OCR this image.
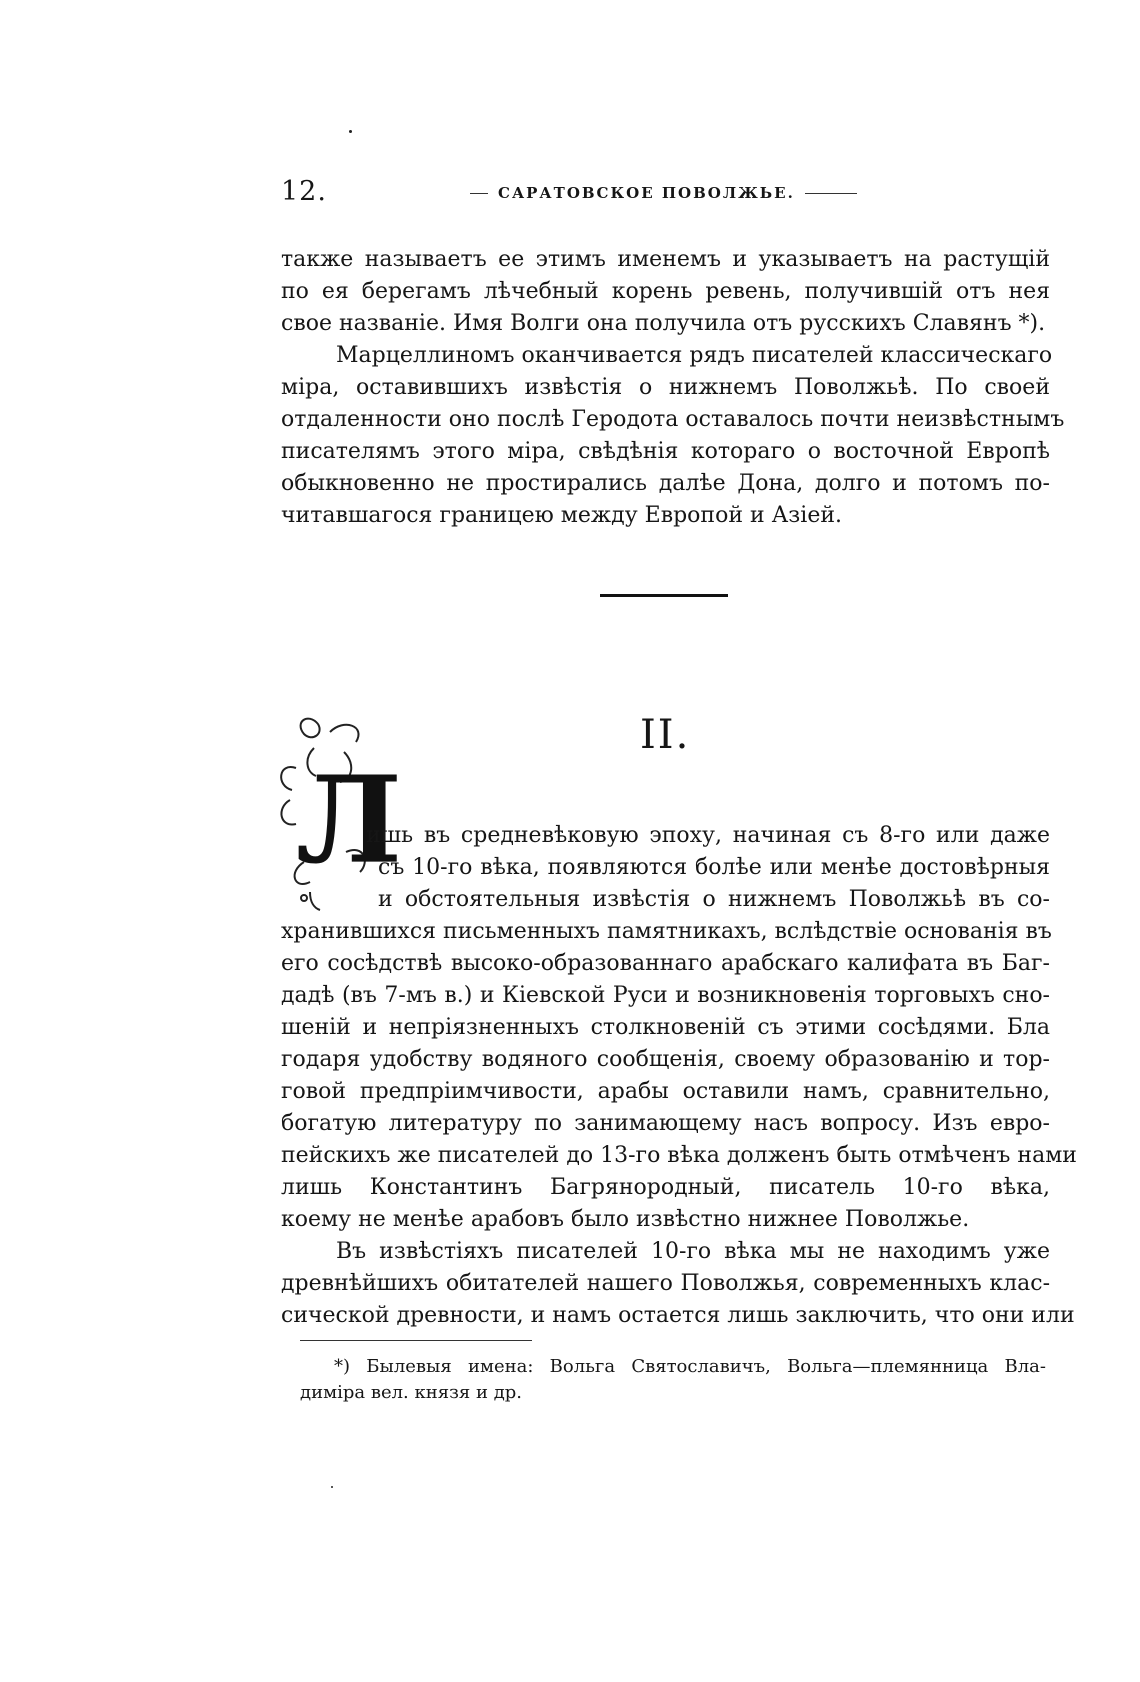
12.	САРАТОВСКОЕ ПОВОЛЖЬЕ.
также называетъ ее этимъ именемъ и указываетъ на растущій
по ея берегамъ лѣчебный корень ревень, получившій отъ нея
свое названіе. Имя Волги она получила отъ русскихъ Славянъ *).
Марцеллиномъ оканчивается рядъ писателей классическаго
міра, оставившихъ извѣстія о нижнемъ Поволжьѣ. По своей
отдаленности оно послѣ Геродота оставалось почти неизвѣстнымъ
писателямъ этого міра, свѣдѣнія котораго о восточной Европѣ
обыкновенно не простирались далѣе Дона, долго и потомъ по-
читавшагося границею между Европой и Азіей.
II.
Л
ишь въ средневѣковую эпоху, начиная съ 8-го или даже
съ 10-го вѣка, появляются болѣе или менѣе достовѣрныя
и обстоятельныя извѣстія о нижнемъ Поволжьѣ въ со-
хранившихся письменныхъ памятникахъ, вслѣдствіе основанія въ
его сосѣдствѣ высоко-образованнаго арабскаго калифата въ Баг-
дадѣ (въ 7-мъ в.) и Кіевской Руси и возникновенія торговыхъ сно-
шеній и непріязненныхъ столкновеній съ этими сосѣдями. Бла
годаря удобству водяного сообщенія, своему образованію и тор-
говой предпріимчивости, арабы оставили намъ, сравнительно,
богатую литературу по занимающему насъ вопросу. Изъ евро-
пейскихъ же писателей до 13-го вѣка долженъ быть отмѣченъ нами
лишь Константинъ Багрянородный, писатель 10-го вѣка,
коему не менѣе арабовъ было извѣстно нижнее Поволжье.
Въ извѣстіяхъ писателей 10-го вѣка мы не находимъ уже
древнѣйшихъ обитателей нашего Поволжья, современныхъ клас-
сической древности, и намъ остается лишь заключить, что они или
*) Былевыя имена: Вольга Святославичъ, Вольга—племянница Вла-
диміра вел. князя и др.
